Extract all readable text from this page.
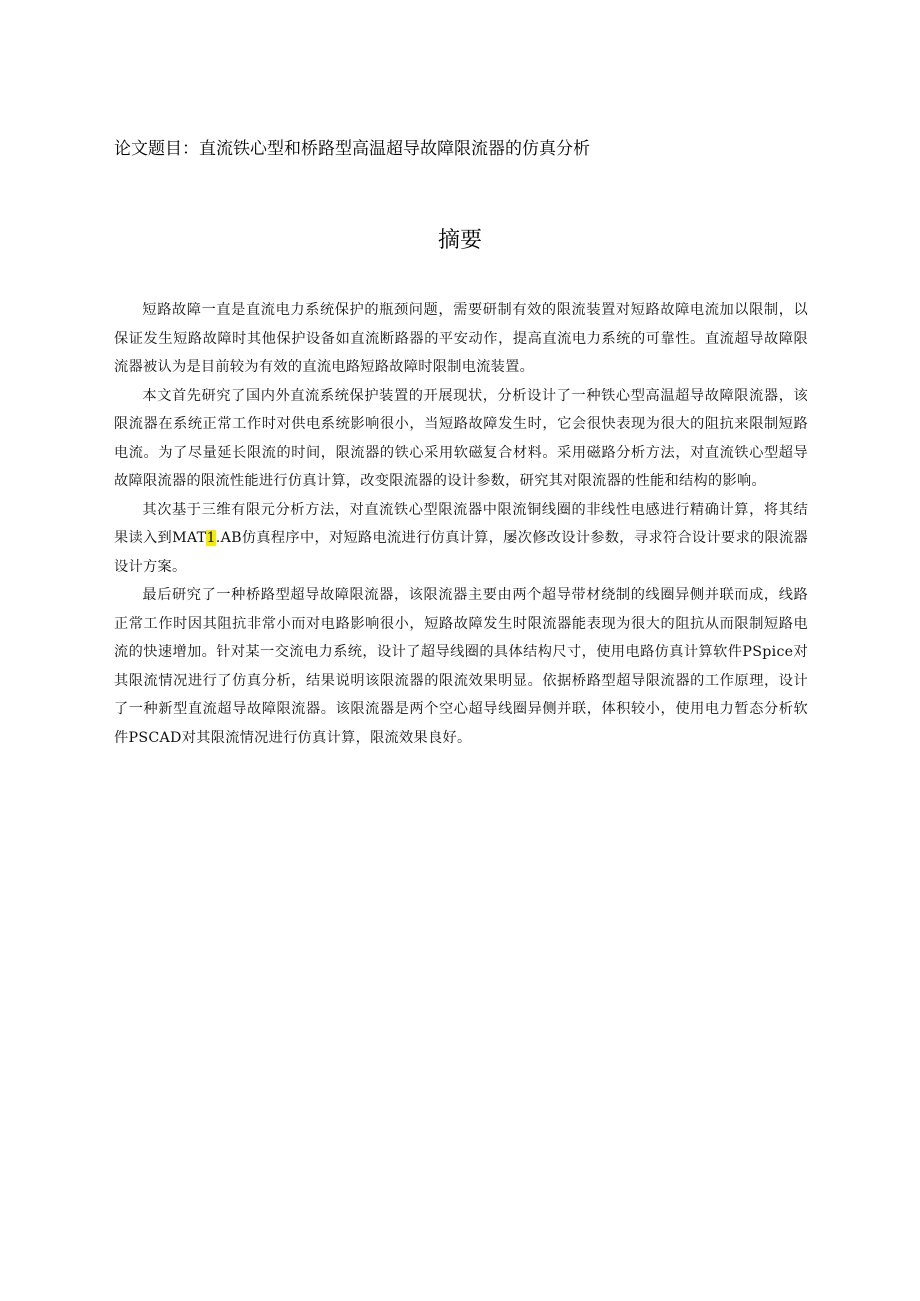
论文题目：直流铁心型和桥路型高温超导故障限流器的仿真分析
摘要

短路故障一直是直流电力系统保护的瓶颈问题，需要研制有效的限流装置对短路故障电流加以限制，以保证发生短路故障时其他保护设备如直流断路器的平安动作，提高直流电力系统的可靠性。直流超导故障限流器被认为是目前较为有效的直流电路短路故障时限制电流装置。

本文首先研究了国内外直流系统保护装置的开展现状，分析设计了一种铁心型高温超导故障限流器，该限流器在系统正常工作时对供电系统影响很小，当短路故障发生时，它会很快表现为很大的阻抗来限制短路电流。为了尽量延长限流的时间，限流器的铁心采用软磁复合材料。采用磁路分析方法，对直流铁心型超导故障限流器的限流性能进行仿真计算，改变限流器的设计参数，研究其对限流器的性能和结构的影响。

其次基于三维有限元分析方法，对直流铁心型限流器中限流铜线圈的非线性电感进行精确计算，将其结果读入到MAT1.AB仿真程序中，对短路电流进行仿真计算，屡次修改设计参数，寻求符合设计要求的限流器设计方案。

最后研究了一种桥路型超导故障限流器，该限流器主要由两个超导带材绕制的线圈异侧并联而成，线路正常工作时因其阻抗非常小而对电路影响很小，短路故障发生时限流器能表现为很大的阻抗从而限制短路电流的快速增加。针对某一交流电力系统，设计了超导线圈的具体结构尺寸，使用电路仿真计算软件PSpice对其限流情况进行了仿真分析，结果说明该限流器的限流效果明显。依据桥路型超导限流器的工作原理，设计了一种新型直流超导故障限流器。该限流器是两个空心超导线圈异侧并联，体积较小，使用电力暂态分析软件PSCAD对其限流情况进行仿真计算，限流效果良好。
